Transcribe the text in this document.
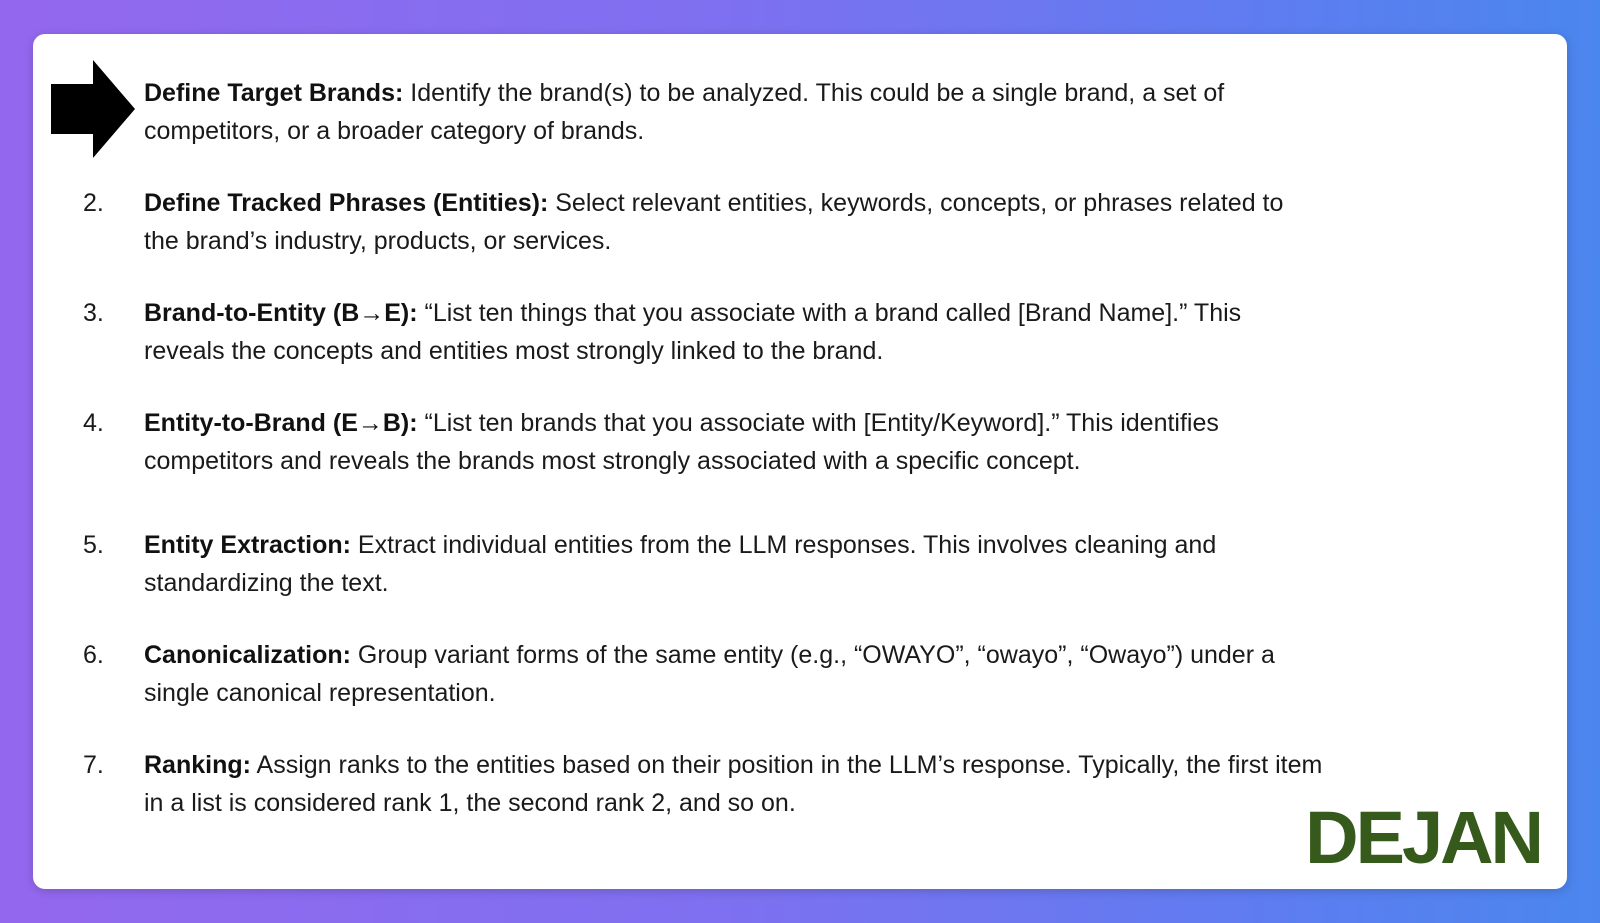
Define Target Brands: Identify the brand(s) to be analyzed. This could be a single brand, a set of competitors, or a broader category of brands.
2. Define Tracked Phrases (Entities): Select relevant entities, keywords, concepts, or phrases related to the brand’s industry, products, or services.
3. Brand-to-Entity (B→E): “List ten things that you associate with a brand called [Brand Name].” This reveals the concepts and entities most strongly linked to the brand.
4. Entity-to-Brand (E→B): “List ten brands that you associate with [Entity/Keyword].” This identifies competitors and reveals the brands most strongly associated with a specific concept.
5. Entity Extraction: Extract individual entities from the LLM responses. This involves cleaning and standardizing the text.
6. Canonicalization: Group variant forms of the same entity (e.g., “OWAYO”, “owayo”, “Owayo”) under a single canonical representation.
7. Ranking: Assign ranks to the entities based on their position in the LLM’s response. Typically, the first item in a list is considered rank 1, the second rank 2, and so on.	DEJAN
